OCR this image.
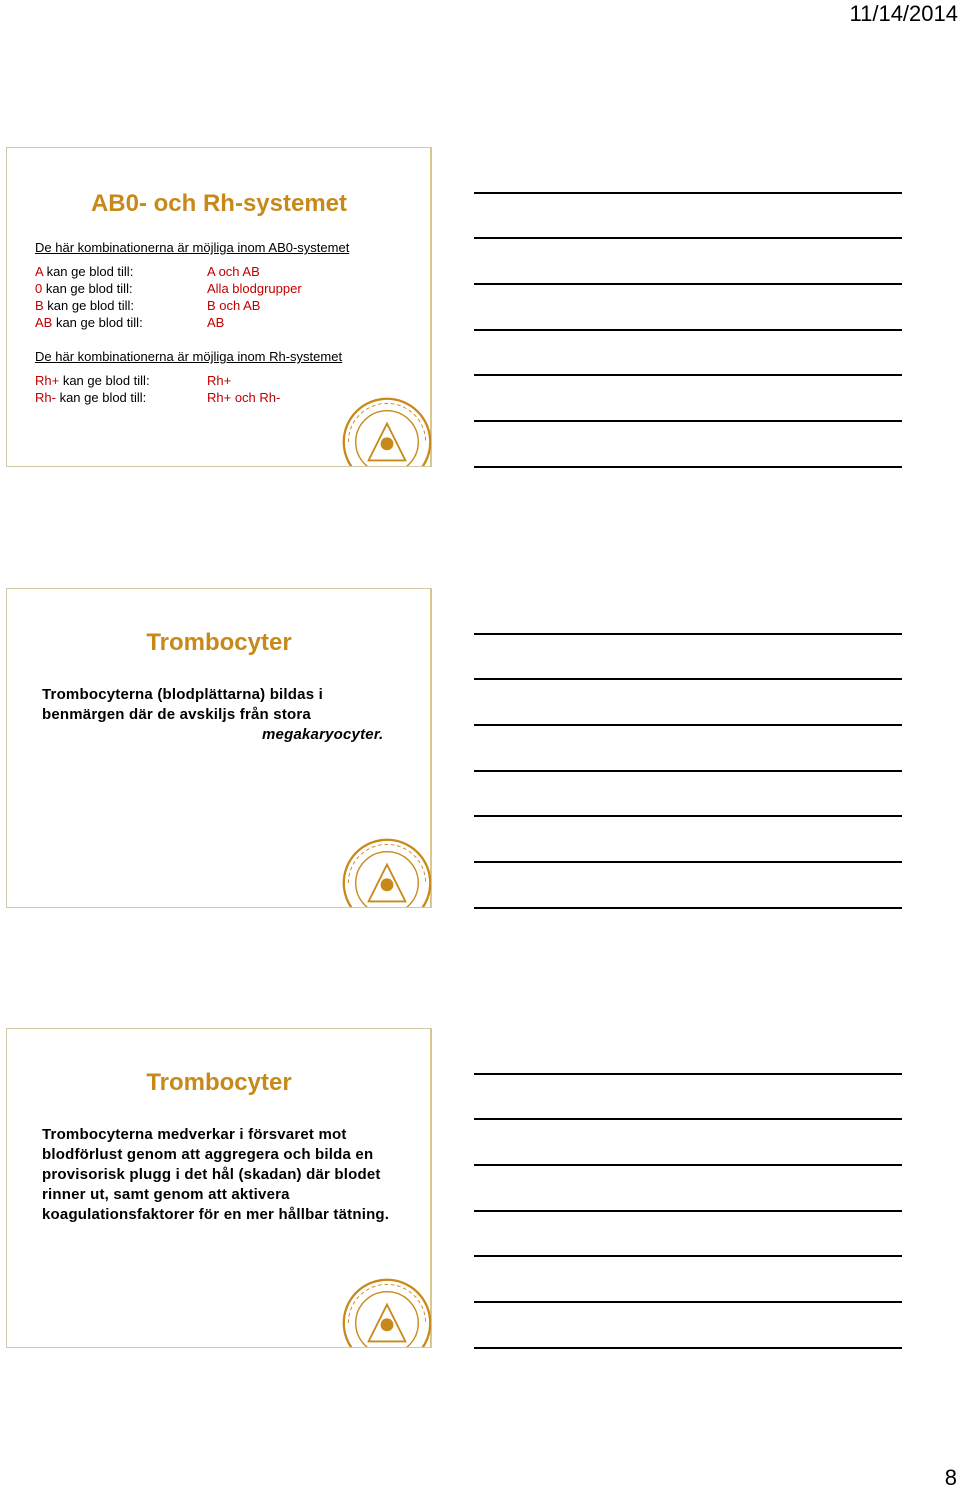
11/14/2014
AB0- och Rh-systemet
De här kombinationerna är möjliga inom AB0-systemet
A kan ge blod till:	A och AB
0 kan ge blod till:	Alla blodgrupper
B kan ge blod till:	B och AB
AB kan ge blod till:	AB
De här kombinationerna är möjliga inom Rh-systemet
Rh+ kan ge blod till:	Rh+
Rh- kan ge blod till:	Rh+ och Rh-
Trombocyter
Trombocyterna (blodplättarna) bildas i benmärgen där de avskiljs från stora
megakaryocyter.
Trombocyter
Trombocyterna medverkar i försvaret mot blodförlust genom att aggregera och bilda en provisorisk plugg i det hål (skadan) där blodet rinner ut, samt genom att aktivera koagulationsfaktorer för en mer hållbar tätning.
8
